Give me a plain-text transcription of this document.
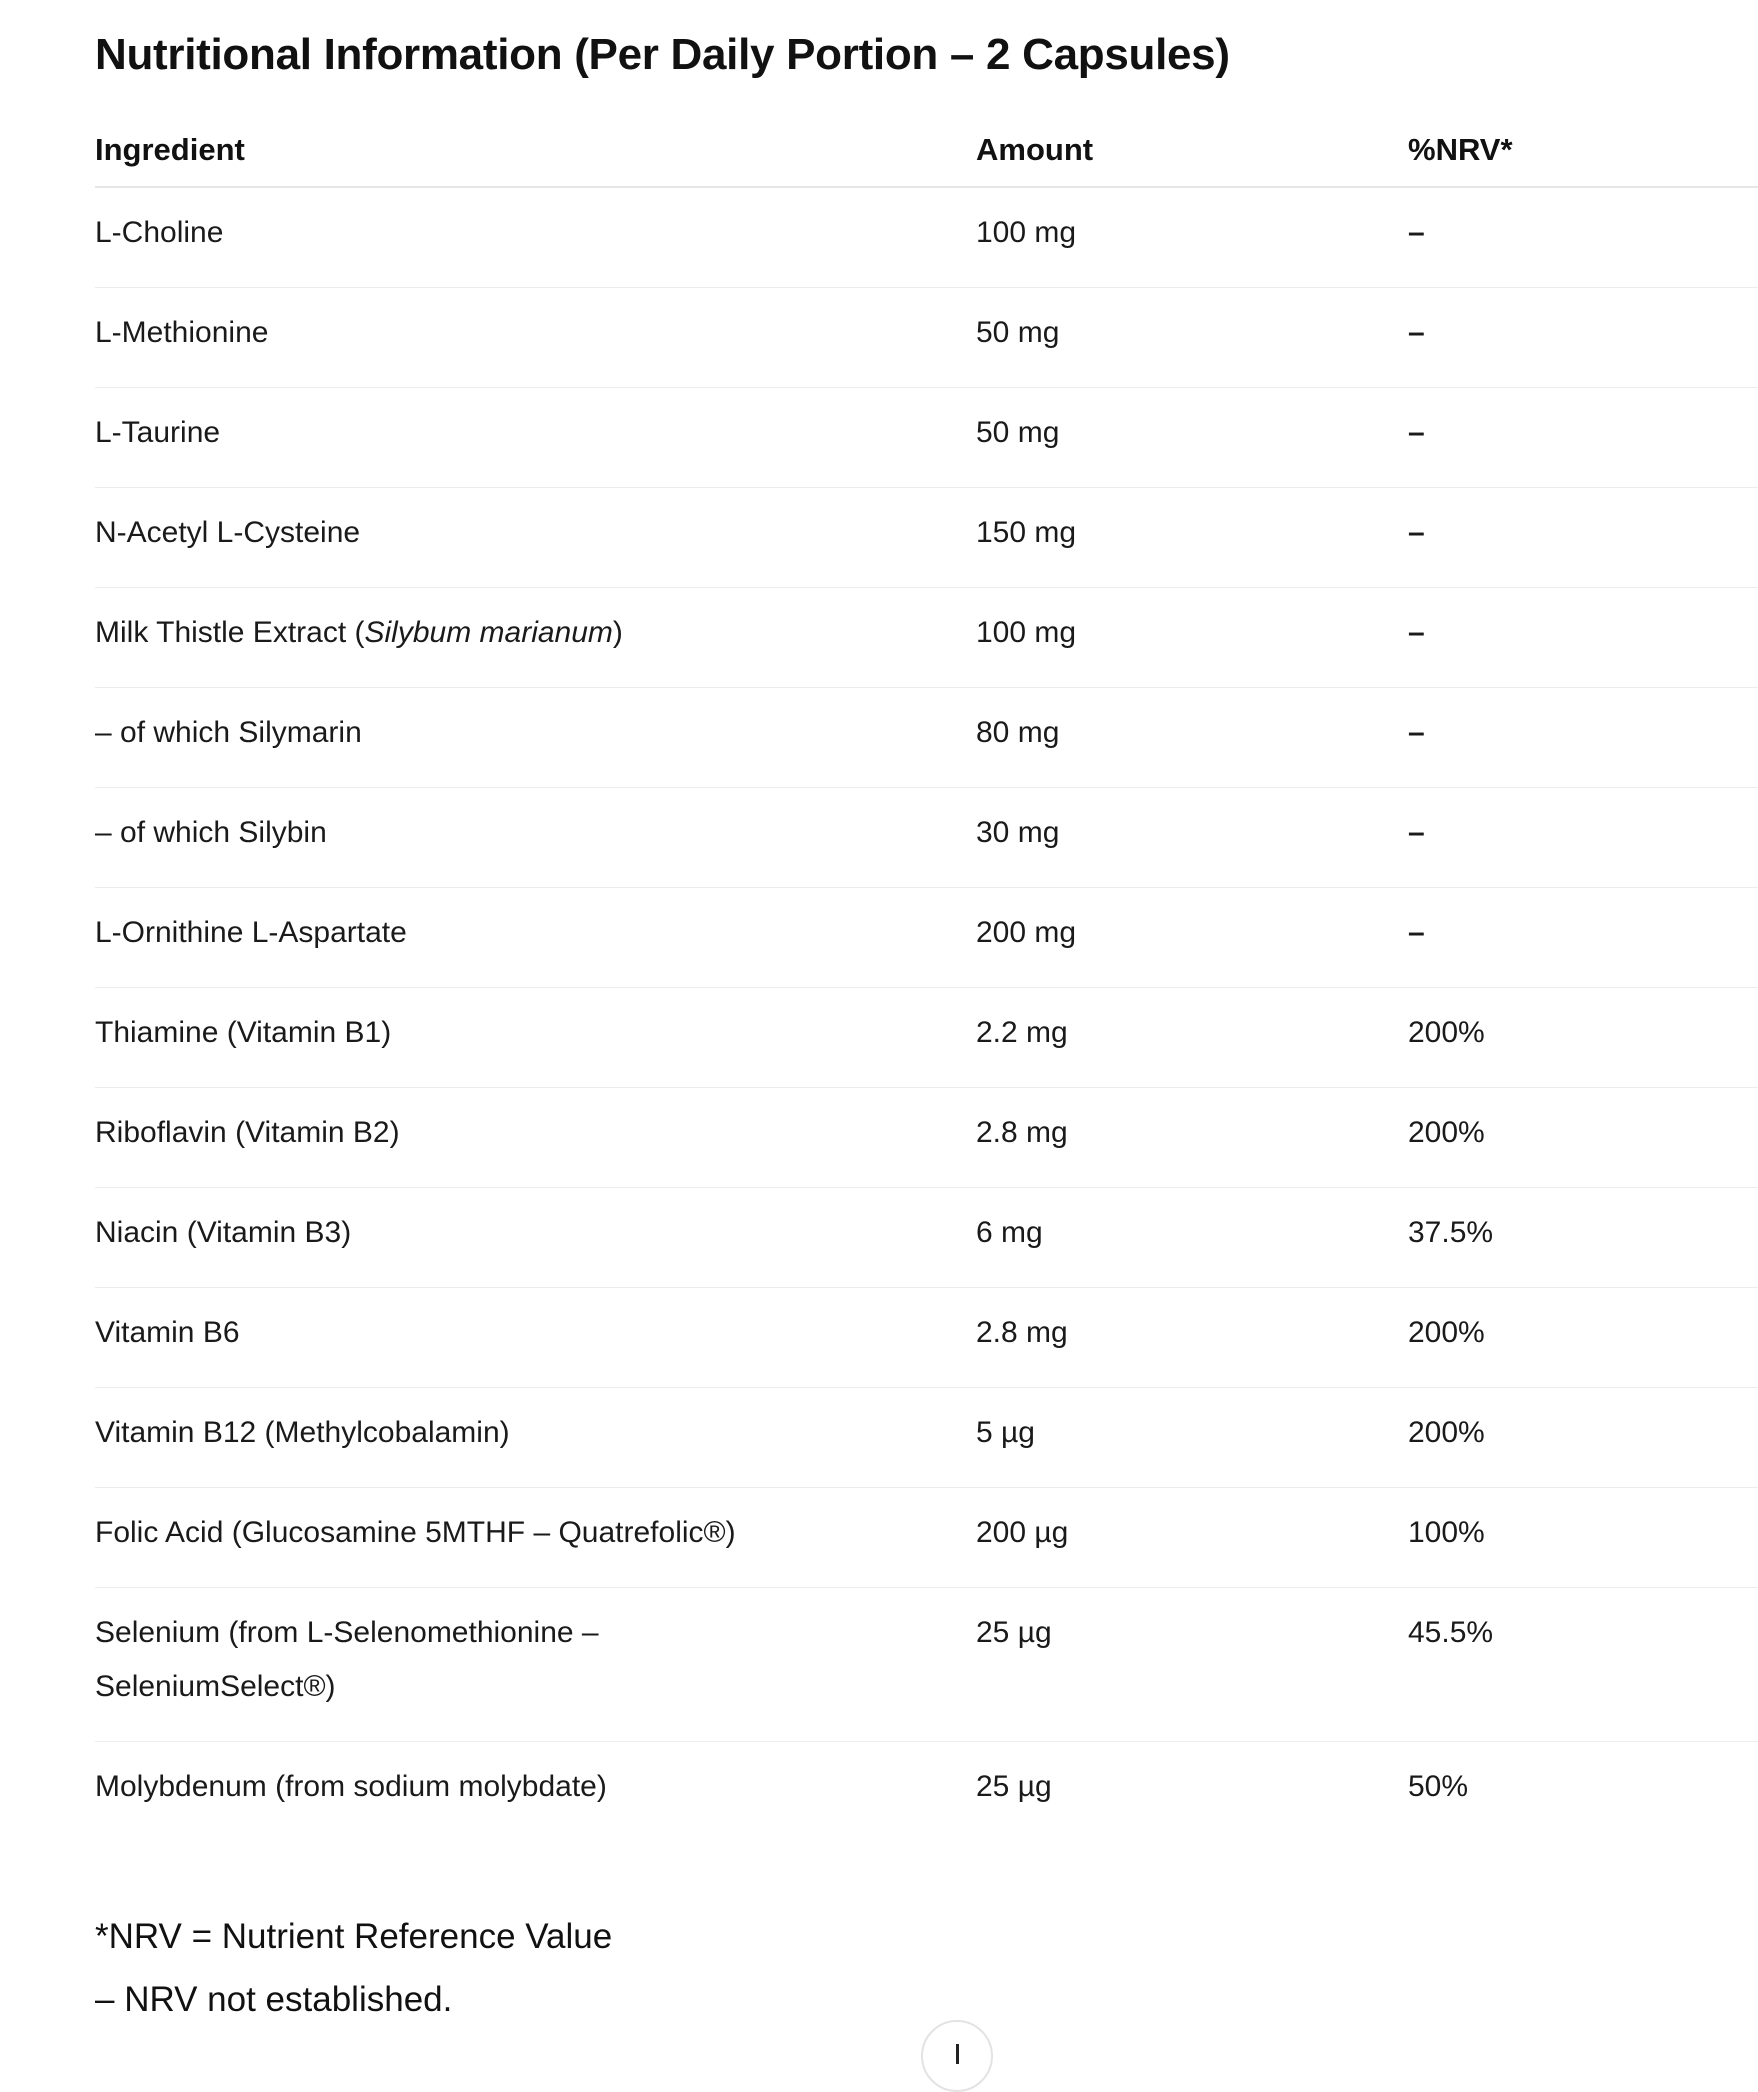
Nutritional Information (Per Daily Portion – 2 Capsules)
Ingredient	Amount	%NRV*

L-Choline	100 mg	–

L-Methionine	50 mg	–

L-Taurine	50 mg	–

N-Acetyl L-Cysteine	150 mg	–

Milk Thistle Extract (Silybum marianum)	100 mg	–

– of which Silymarin	80 mg	–

– of which Silybin	30 mg	–

L-Ornithine L-Aspartate	200 mg	–

Thiamine (Vitamin B1)	2.2 mg	200%

Riboflavin (Vitamin B2)	2.8 mg	200%

Niacin (Vitamin B3)	6 mg	37.5%

Vitamin B6	2.8 mg	200%

Vitamin B12 (Methylcobalamin)	5 µg	200%

Folic Acid (Glucosamine 5MTHF – Quatrefolic®)	200 µg	100%

Selenium (from L-Selenomethionine –
SeleniumSelect®)	25 µg	45.5%

Molybdenum (from sodium molybdate)	25 µg	50%
*NRV = Nutrient Reference Value
– NRV not established.
